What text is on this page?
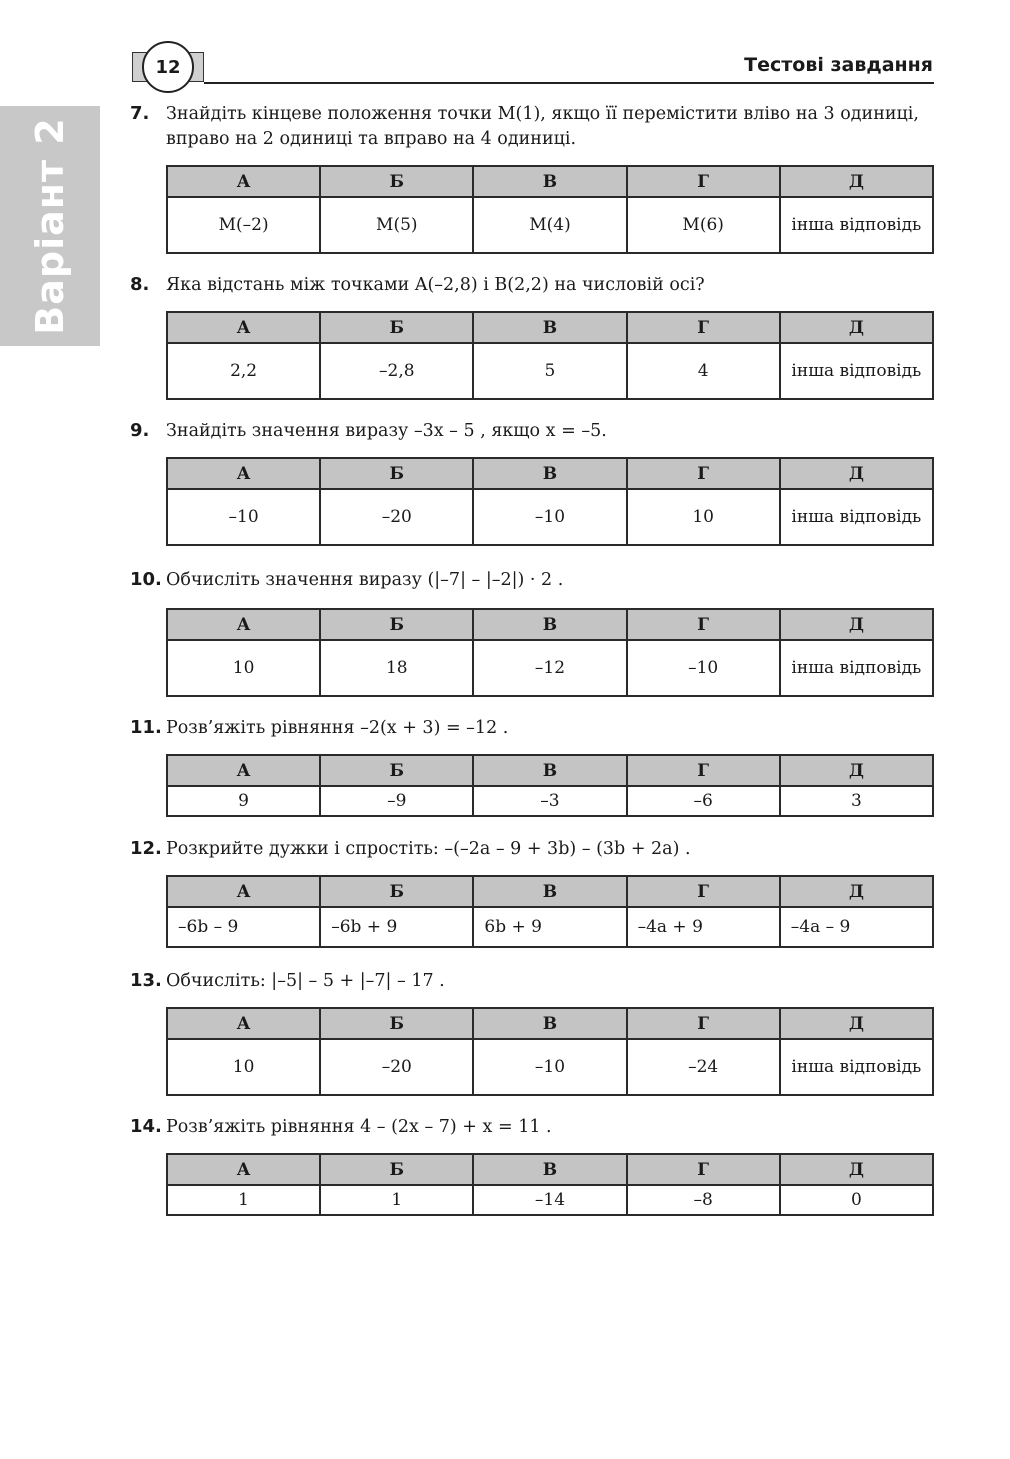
Варіант 2
12	Тестові завдання
7. Знайдіть кінцеве положення точки M(1), якщо її перемістити вліво на 3 одиниці, вправо на 2 одиниці та вправо на 4 одиниці.
А	Б	В	Г	Д
M(–2)	M(5)	M(4)	M(6)	інша відповідь
8. Яка відстань між точками A(–2,8) і B(2,2) на числовій осі?
А	Б	В	Г	Д
2,2	–2,8	5	4	інша відповідь
9. Знайдіть значення виразу –3x – 5 , якщо x = –5.
А	Б	В	Г	Д
–10	–20	–10	10	інша відповідь
10. Обчисліть значення виразу (|–7| – |–2|) · 2 .
А	Б	В	Г	Д
10	18	–12	–10	інша відповідь
11. Розв’яжіть рівняння –2(x + 3) = –12 .
А	Б	В	Г	Д
9	–9	–3	–6	3
12. Розкрийте дужки і спростіть: –(–2a – 9 + 3b) – (3b + 2a) .
А	Б	В	Г	Д
–6b – 9	–6b + 9	6b + 9	–4a + 9	–4a – 9
13. Обчисліть: |–5| – 5 + |–7| – 17 .
А	Б	В	Г	Д
10	–20	–10	–24	інша відповідь
14. Розв’яжіть рівняння 4 – (2x – 7) + x = 11 .
А	Б	В	Г	Д
1	1	–14	–8	0
